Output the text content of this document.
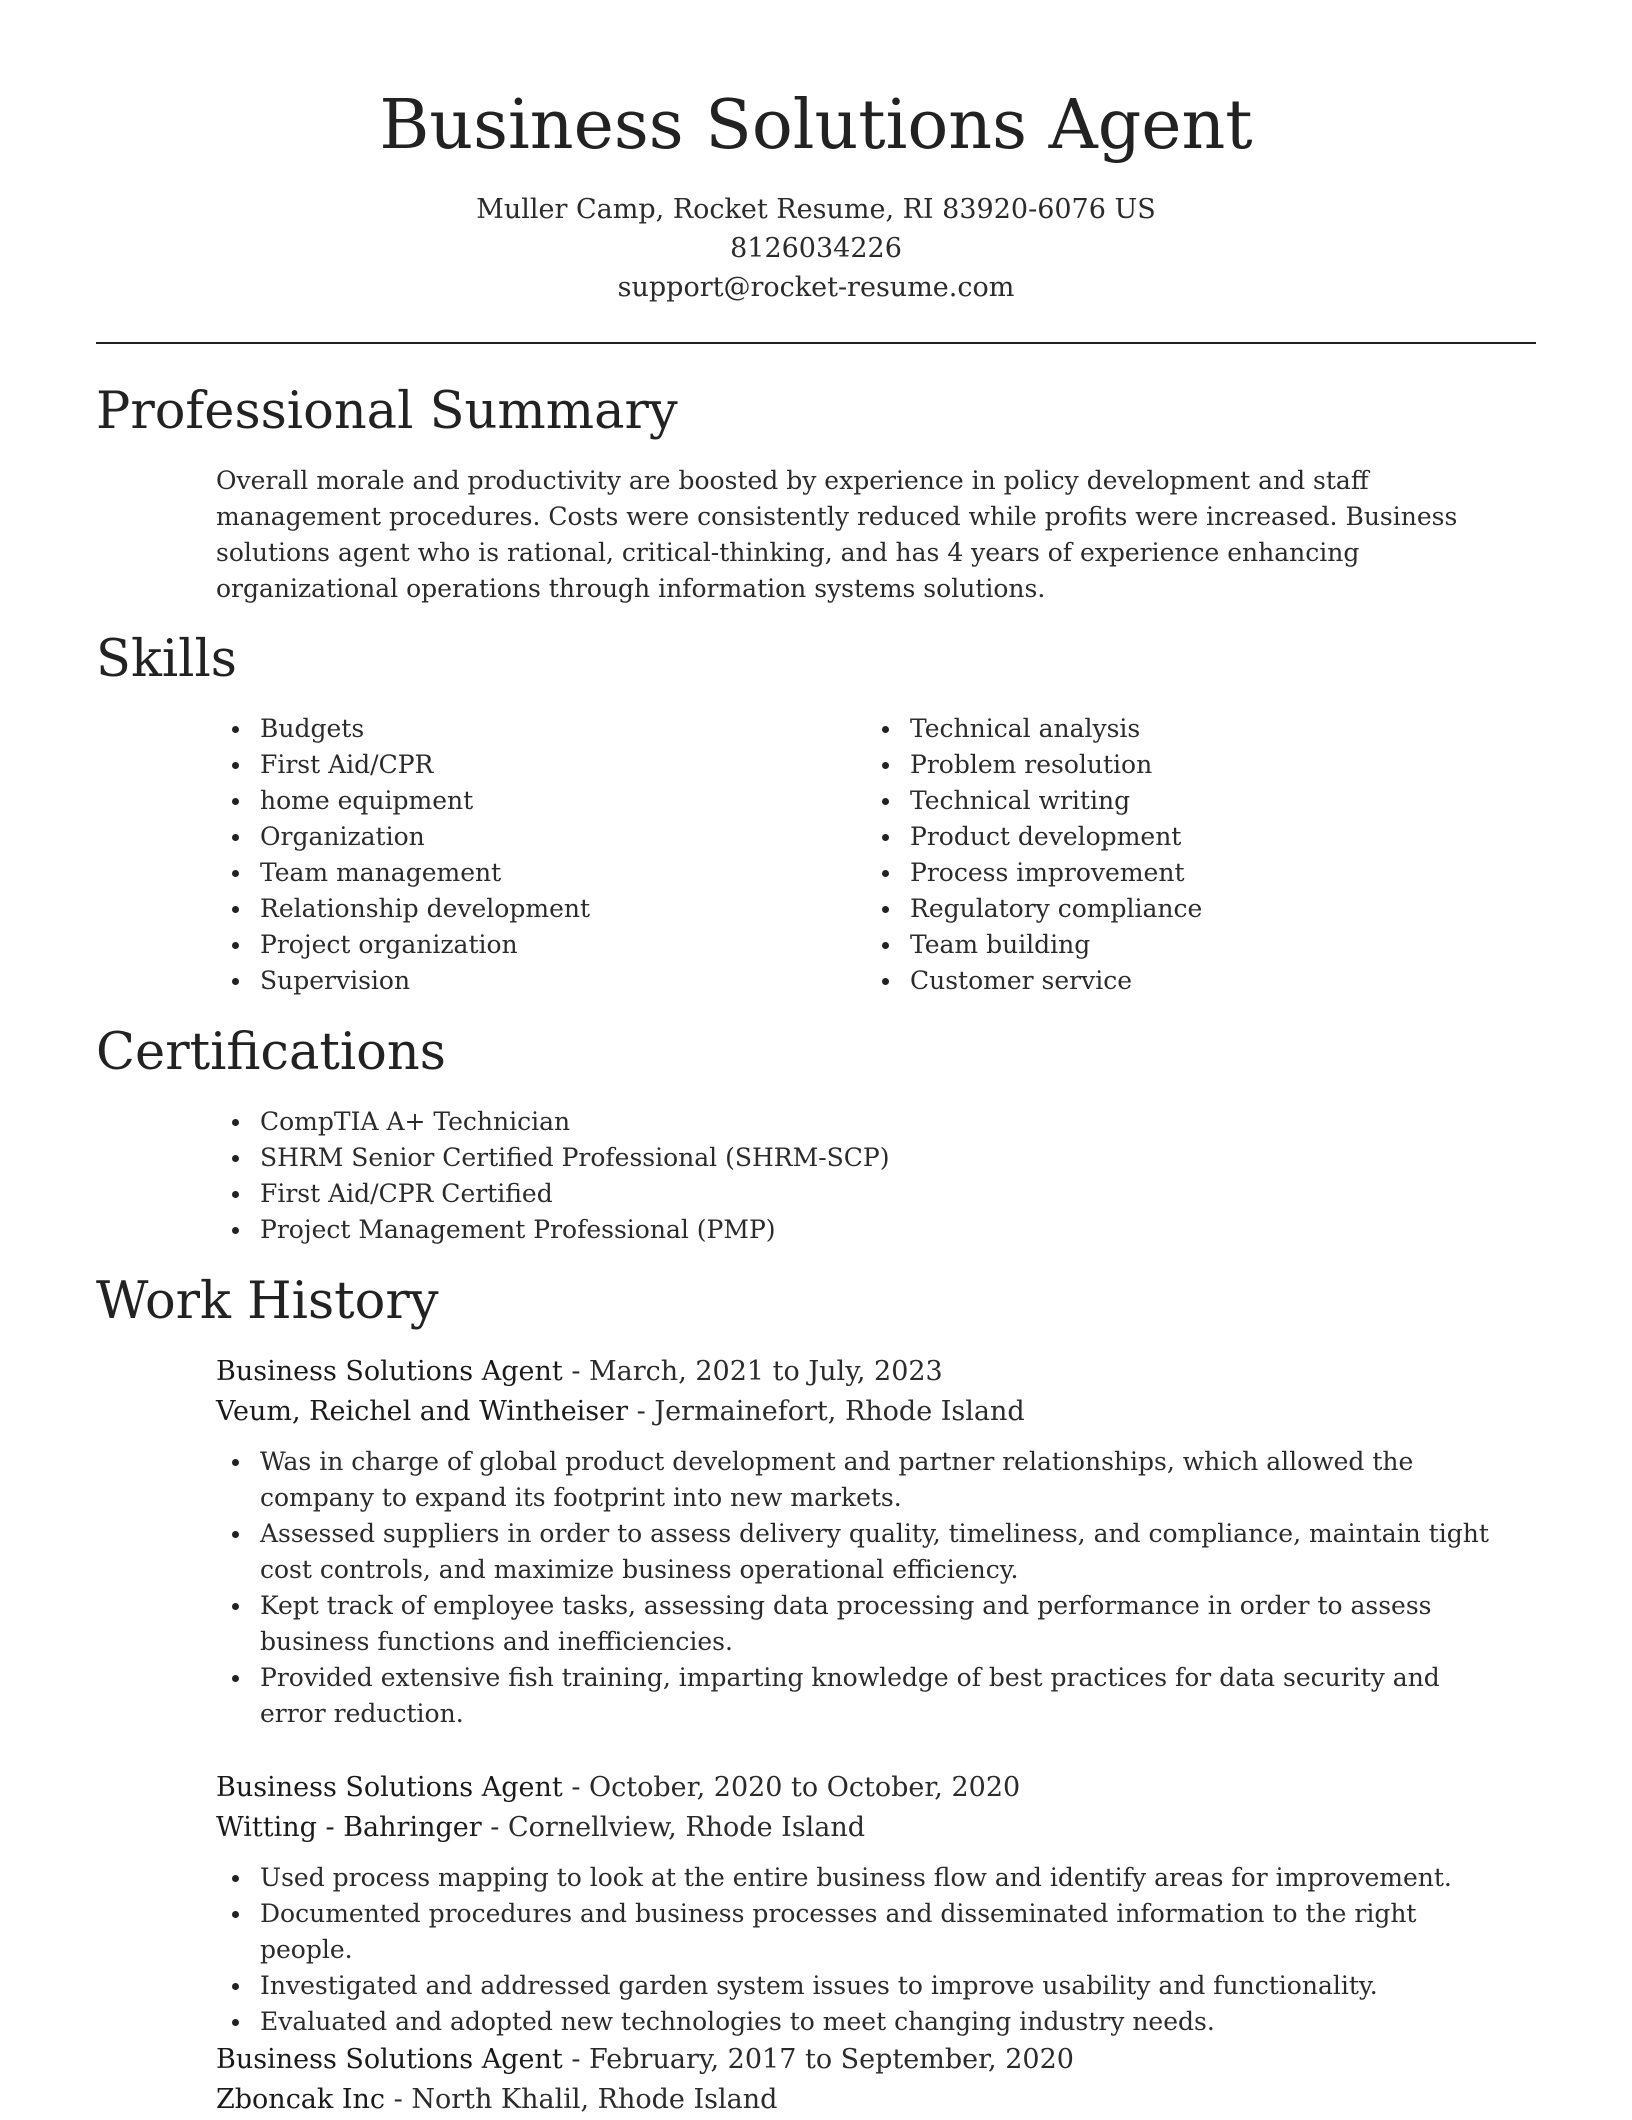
Business Solutions Agent
Muller Camp, Rocket Resume, RI 83920-6076 US
8126034226
support@rocket-resume.com
Professional Summary

Overall morale and productivity are boosted by experience in policy development and staff management procedures. Costs were consistently reduced while profits were increased. Business solutions agent who is rational, critical-thinking, and has 4 years of experience enhancing organizational operations through information systems solutions.

Skills
Budgets
First Aid/CPR
home equipment
Organization
Team management
Relationship development
Project organization
Supervision
Technical analysis
Problem resolution
Technical writing
Product development
Process improvement
Regulatory compliance
Team building
Customer service
Certifications
CompTIA A+ Technician
SHRM Senior Certified Professional (SHRM-SCP)
First Aid/CPR Certified
Project Management Professional (PMP)
Work History
Business Solutions Agent - March, 2021 to July, 2023
Veum, Reichel and Wintheiser - Jermainefort, Rhode Island
Was in charge of global product development and partner relationships, which allowed the company to expand its footprint into new markets.
Assessed suppliers in order to assess delivery quality, timeliness, and compliance, maintain tight cost controls, and maximize business operational efficiency.
Kept track of employee tasks, assessing data processing and performance in order to assess business functions and inefficiencies.
Provided extensive fish training, imparting knowledge of best practices for data security and error reduction.
Business Solutions Agent - October, 2020 to October, 2020
Witting - Bahringer - Cornellview, Rhode Island
Used process mapping to look at the entire business flow and identify areas for improvement.
Documented procedures and business processes and disseminated information to the right people.
Investigated and addressed garden system issues to improve usability and functionality.
Evaluated and adopted new technologies to meet changing industry needs.
Business Solutions Agent - February, 2017 to September, 2020
Zboncak Inc - North Khalil, Rhode Island
